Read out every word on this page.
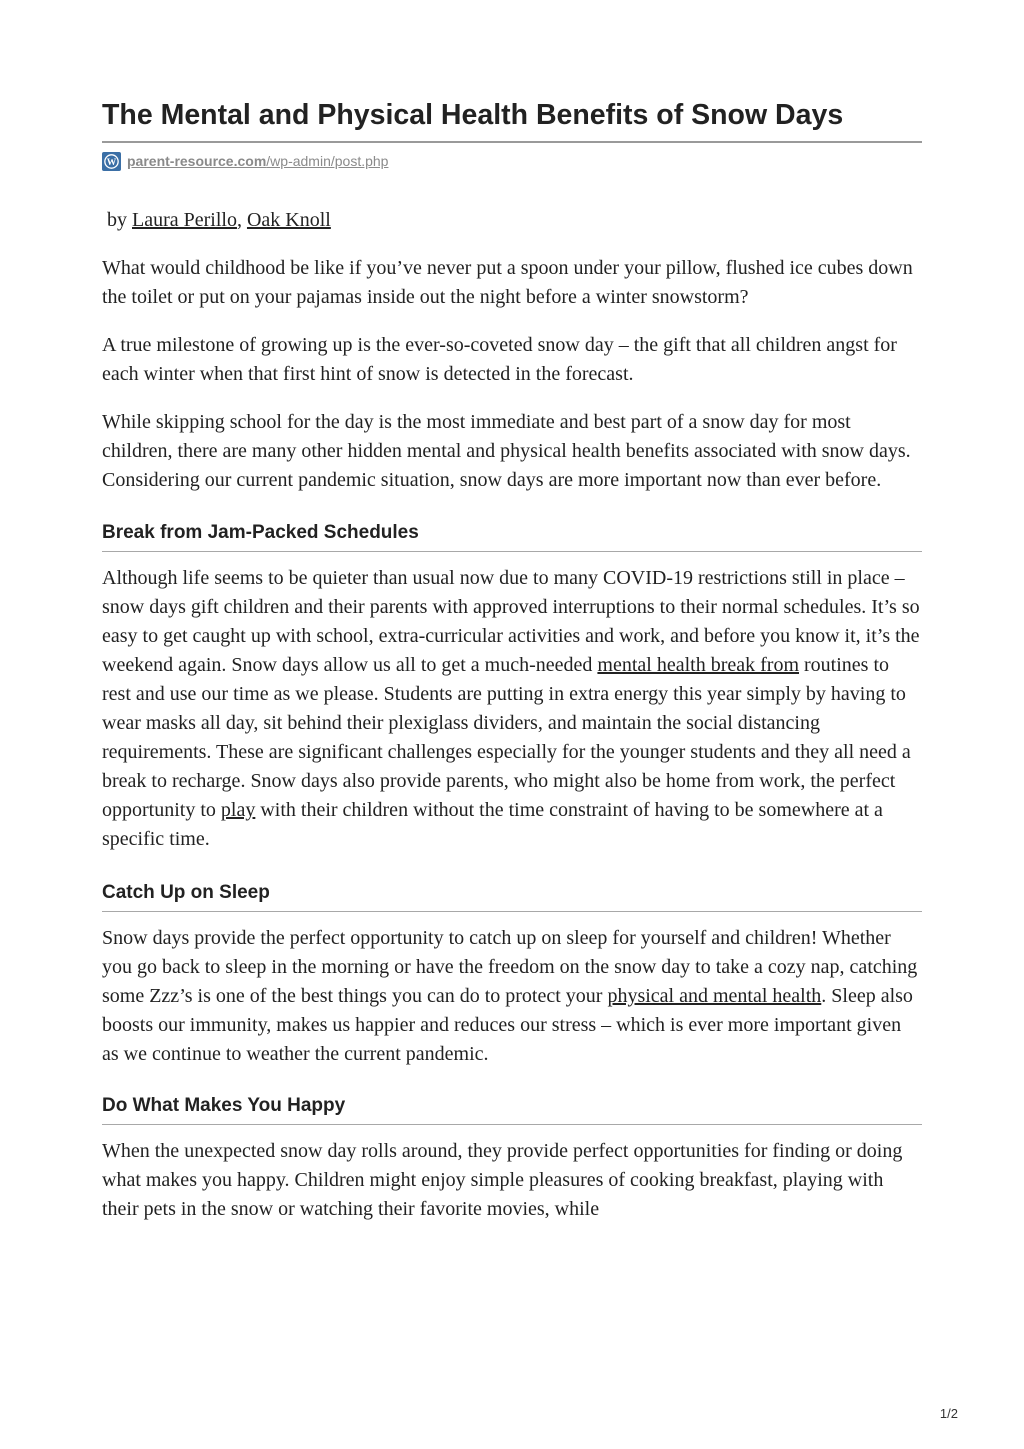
The Mental and Physical Health Benefits of Snow Days
W parent-resource.com/wp-admin/post.php
by Laura Perillo, Oak Knoll

What would childhood be like if you’ve never put a spoon under your pillow, flushed ice cubes down the toilet or put on your pajamas inside out the night before a winter snowstorm?

A true milestone of growing up is the ever-so-coveted snow day – the gift that all children angst for each winter when that first hint of snow is detected in the forecast.

While skipping school for the day is the most immediate and best part of a snow day for most children, there are many other hidden mental and physical health benefits associated with snow days. Considering our current pandemic situation, snow days are more important now than ever before.

Break from Jam-Packed Schedules

Although life seems to be quieter than usual now due to many COVID-19 restrictions still in place – snow days gift children and their parents with approved interruptions to their normal schedules. It’s so easy to get caught up with school, extra-curricular activities and work, and before you know it, it’s the weekend again. Snow days allow us all to get a much-needed mental health break from routines to rest and use our time as we please. Students are putting in extra energy this year simply by having to wear masks all day, sit behind their plexiglass dividers, and maintain the social distancing requirements. These are significant challenges especially for the younger students and they all need a break to recharge. Snow days also provide parents, who might also be home from work, the perfect opportunity to play with their children without the time constraint of having to be somewhere at a specific time.

Catch Up on Sleep

Snow days provide the perfect opportunity to catch up on sleep for yourself and children! Whether you go back to sleep in the morning or have the freedom on the snow day to take a cozy nap, catching some Zzz’s is one of the best things you can do to protect your physical and mental health. Sleep also boosts our immunity, makes us happier and reduces our stress – which is ever more important given as we continue to weather the current pandemic.

Do What Makes You Happy

When the unexpected snow day rolls around, they provide perfect opportunities for finding or doing what makes you happy. Children might enjoy simple pleasures of cooking breakfast, playing with their pets in the snow or watching their favorite movies, while

1/2
